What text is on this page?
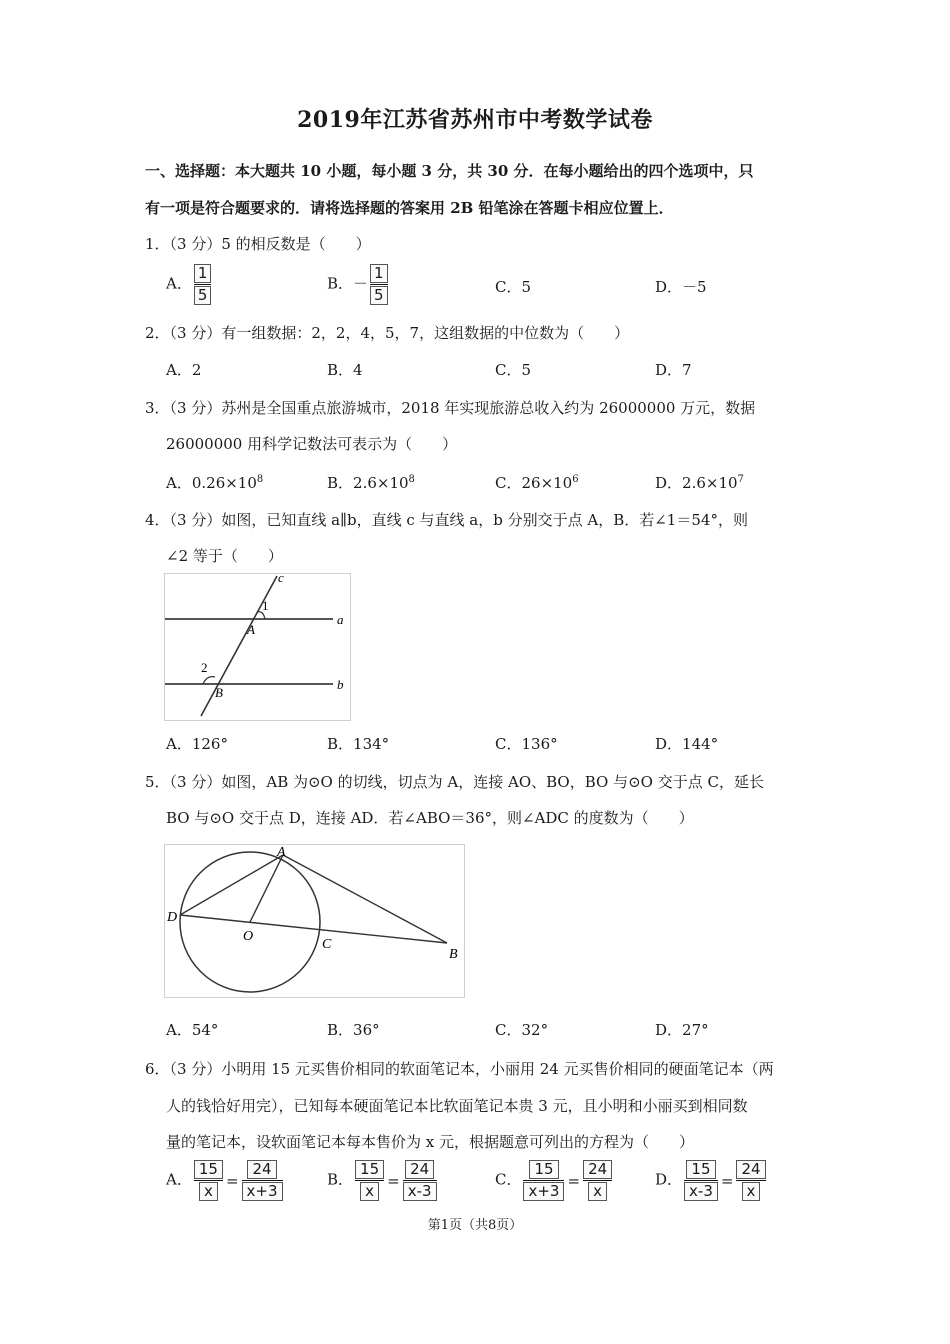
2019年江苏省苏州市中考数学试卷
一、选择题：本大题共 10 小题，每小题 3 分，共 30 分．在每小题给出的四个选项中，只
有一项是符合题要求的．请将选择题的答案用 2B 铅笔涂在答题卡相应位置上．
1．（3 分）5 的相反数是（　　）
A． $\frac{1}{5}$	B．－ $\frac{1}{5}$	C．5	D．－5
2．（3 分）有一组数据：2，2，4，5，7，这组数据的中位数为（　　）
A．2	B．4	C．5	D．7
3．（3 分）苏州是全国重点旅游城市，2018 年实现旅游总收入约为 26000000 万元，数据
26000000 用科学记数法可表示为（　　）
A．$0.26\times 10^8$	B．$2.6\times 10^8$	C．$26\times 10^6$	D．$2.6\times 10^7$
4．（3 分）如图，已知直线 a∥b，直线 c 与直线 a，b 分别交于点 A，B．若∠1＝54°，则
∠2 等于（　　）
c
1
a
A
2
b
B
A．126°	B．134°	C．136°	D．144°
5．（3 分）如图，AB 为⊙O 的切线，切点为 A，连接 AO、BO，BO 与⊙O 交于点 C，延长
BO 与⊙O 交于点 D，连接 AD．若∠ABO＝36°，则∠ADC 的度数为（　　）
A
D
O
C
B
A．54°	B．36°	C．32°	D．27°
6．（3 分）小明用 15 元买售价相同的软面笔记本，小丽用 24 元买售价相同的硬面笔记本（两
人的钱恰好用完），已知每本硬面笔记本比软面笔记本贵 3 元，且小明和小丽买到相同数
量的笔记本，设软面笔记本每本售价为 x 元，根据题意可列出的方程为（　　）
A． $\frac{15}{x} = \frac{24}{x+3}$	B． $\frac{15}{x} = \frac{24}{x-3}$	C． $\frac{15}{x+3} = \frac{24}{x}$	D． $\frac{15}{x-3} = \frac{24}{x}$
第1页（共8页）
